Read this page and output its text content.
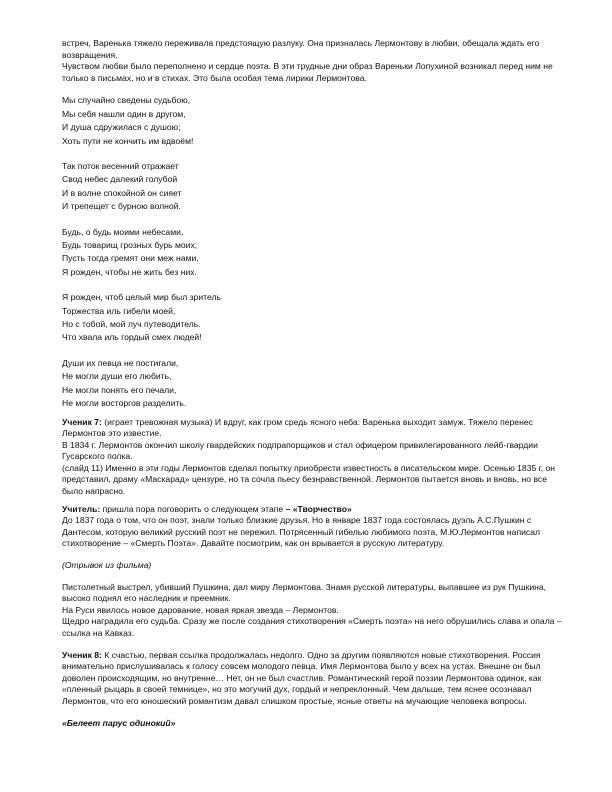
встреч, Варенька тяжело переживала предстоящую разлуку. Она призналась Лермонтову в любви, обещала ждать его возвращения.

Чувством любви было переполнено и сердце поэта. В эти трудные дни образ Вареньки Лопухиной возникал перед ним не только в письмах, но и в стихах. Это была особая тема лирики Лермонтова.

Мы случайно сведены судьбою,
Мы себя нашли один в другом,
И душа сдружилася с душою;
Хоть пути не кончить им вдвоём!
Так поток весенний отражает
Свод небес далекий голубой
И в волне спокойной он сияет
И трепещет с бурною волной.
Будь, о будь моими небесами,
Будь товарищ грозных бурь моих;
Пусть тогда гремят они меж нами,
Я рожден, чтобы не жить без них.
Я рожден, чтоб целый мир был зритель
Торжества иль гибели моей,
Но с тобой, мой луч путеводитель.
Что хвала иль гордый смех людей!
Души их певца не постигали,
Не могли души его любить,
Не могли понять его печали,
Не могли восторгов разделить.

Ученик 7: (играет тревожная музыка) И вдруг, как гром средь ясного неба: Варенька выходит замуж. Тяжело перенес Лермонтов это известие.

В 1834 г. Лермонтов окончил школу гвардейских подпрапорщиков и стал офицером привилегированного лейб-гвардии Гусарского полка.

(слайд 11) Именно в эти годы Лермонтов сделал попытку приобрести известность в писательском мире. Осенью 1835 г, он представил, драму «Маскарад» цензуре, но та сочла пьесу безнравственной. Лермонтов пытается вновь и вновь, но все было напрасно.

Учитель: пришла пора поговорить о следующем этапе – «Творчество»

До 1837 года о том, что он поэт, знали только близкие друзья. Но в январе 1837 года состоялась дуэль А.С.Пушкин с Дантесом, которую великий русский поэт не пережил. Потрясенный гибелью любимого поэта, М.Ю.Лермонтов написал стихотворение – «Смерть Поэта». Давайте посмотрим, как он врывается в русскую литературу.

(Отрывок из фильма)

Пистолетный выстрел, убивший Пушкина, дал миру Лермонтова. Знамя русской литературы, выпавшее из рук Пушкина, высоко поднял его наследник и преемник.

На Руси явилось новое дарование, новая яркая звезда – Лермонтов.

Щедро наградила его судьба. Сразу же после создания стихотворения «Смерть поэта» на него обрушились слава и опала – ссылка на Кавказ.

Ученик 8: К счастью, первая ссылка продолжалась недолго. Одно за другим появляются новые стихотворения. Россия внимательно прислушивалась к голосу совсем молодого певца. Имя Лермонтова было у всех на устах. Внешне он был доволен происходящим, но внутренне… Нет, он не был счастлив. Романтический герой поэзии Лермонтова одинок, как «пленный рыцарь в своей темнице», но это могучий дух, гордый и непреклонный. Чем дальше, тем яснее осознавал Лермонтов, что его юношеский романтизм давал слишком простые, ясные ответы на мучающие человека вопросы.

«Белеет парус одинокий»
